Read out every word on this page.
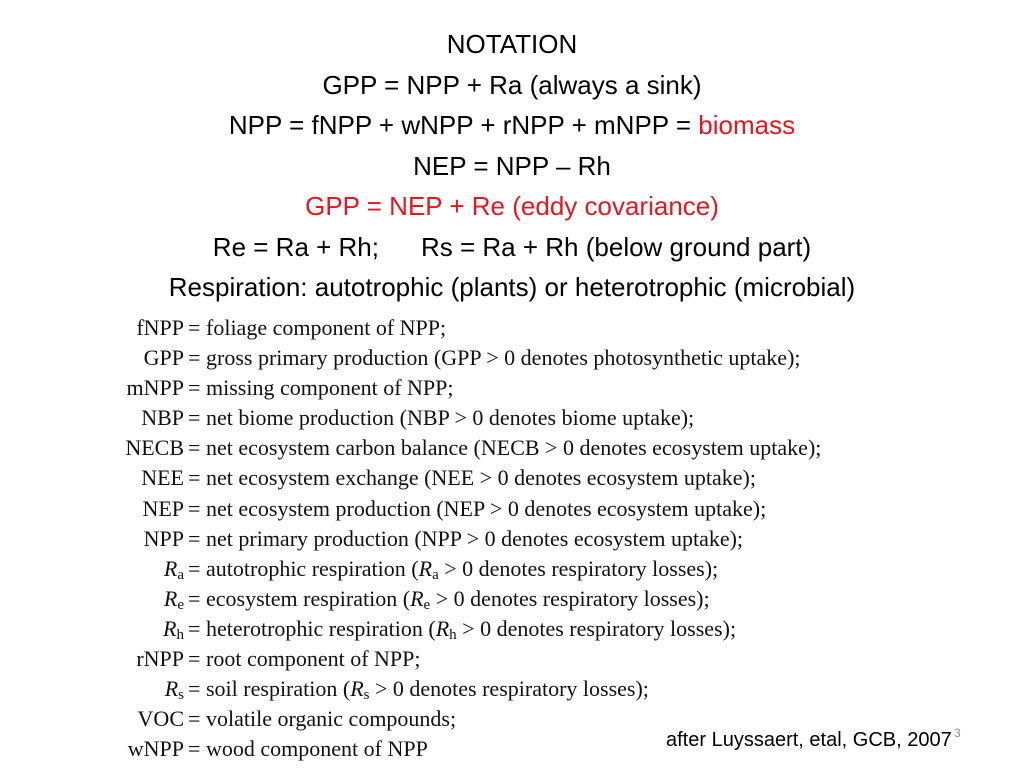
NOTATION
GPP = NPP + Ra (always a sink)
NPP = fNPP + wNPP + rNPP + mNPP = biomass
NEP = NPP – Rh
GPP = NEP + Re (eddy covariance)
Re = Ra + Rh; Rs = Ra + Rh (below ground part)
Respiration: autotrophic (plants) or heterotrophic (microbial)
fNPP = foliage component of NPP;
GPP = gross primary production (GPP > 0 denotes photosynthetic uptake);
mNPP = missing component of NPP;
NBP = net biome production (NBP > 0 denotes biome uptake);
NECB = net ecosystem carbon balance (NECB > 0 denotes ecosystem uptake);
NEE = net ecosystem exchange (NEE > 0 denotes ecosystem uptake);
NEP = net ecosystem production (NEP > 0 denotes ecosystem uptake);
NPP = net primary production (NPP > 0 denotes ecosystem uptake);
$R_a$ = autotrophic respiration ($R_a > 0$ denotes respiratory losses);
$R_e$ = ecosystem respiration ($R_e > 0$ denotes respiratory losses);
$R_h$ = heterotrophic respiration ($R_h > 0$ denotes respiratory losses);
rNPP = root component of NPP;
$R_s$ = soil respiration ($R_s > 0$ denotes respiratory losses);
VOC = volatile organic compounds;
wNPP = wood component of NPP	after Luyssaert, etal, GCB, 2007 3
